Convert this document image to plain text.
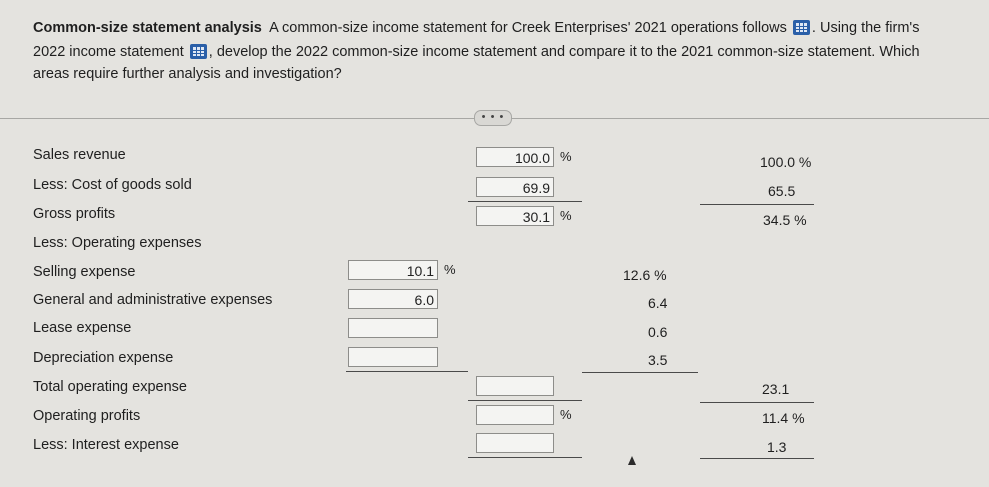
Common-size statement analysis A common-size income statement for Creek Enterprises' 2021 operations follows . Using the firm's
2022 income statement , develop the 2022 common-size income statement and compare it to the 2021 common-size statement. Which
areas require further analysis and investigation?
• • •
Sales revenue
Less: Cost of goods sold
Gross profits
Less: Operating expenses
Selling expense
General and administrative expenses
Lease expense
Depreciation expense
Total operating expense
Operating profits
Less: Interest expense
100.0 %
69.9
30.1 %
10.1 %
6.0
%
100.0 %
65.5
34.5 %
12.6 %
6.4
0.6
3.5
23.1
11.4 %
1.3
